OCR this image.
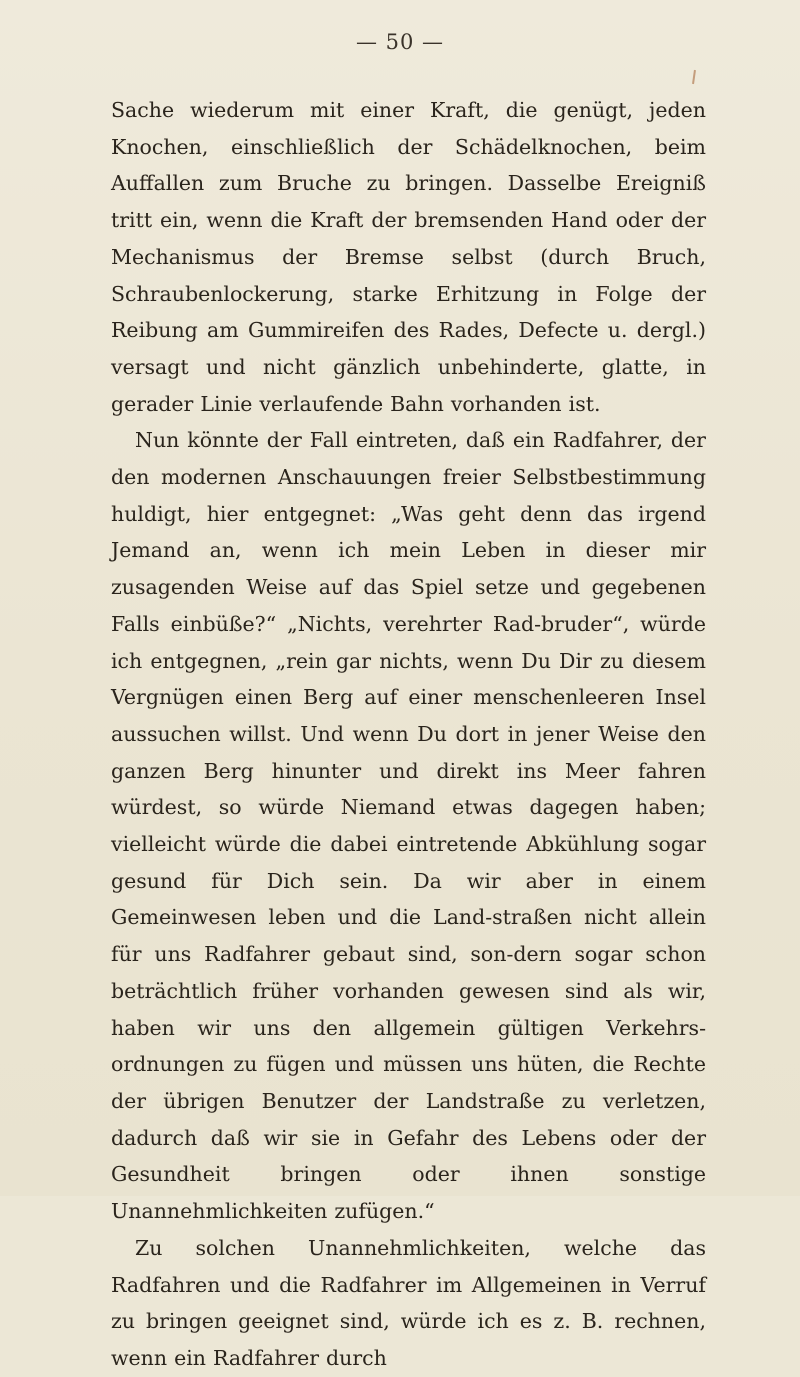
— 50 —

Sache wiederum mit einer Kraft, die genügt, jeden Knochen, einschließlich der Schädelknochen, beim Auffallen zum Bruche zu bringen. Dasselbe Ereigniß tritt ein, wenn die Kraft der bremsenden Hand oder der Mechanismus der Bremse selbst (durch Bruch, Schraubenlockerung, starke Erhitzung in Folge der Reibung am Gummireifen des Rades, Defecte u. dergl.) versagt und nicht gänzlich unbehinderte, glatte, in gerader Linie verlaufende Bahn vorhanden ist.

Nun könnte der Fall eintreten, daß ein Radfahrer, der den modernen Anschauungen freier Selbstbestimmung huldigt, hier entgegnet: „Was geht denn das irgend Jemand an, wenn ich mein Leben in dieser mir zusagenden Weise auf das Spiel setze und gegebenen Falls einbüße?“ „Nichts, verehrter Rad-bruder“, würde ich entgegnen, „rein gar nichts, wenn Du Dir zu diesem Vergnügen einen Berg auf einer menschenleeren Insel aussuchen willst. Und wenn Du dort in jener Weise den ganzen Berg hinunter und direkt ins Meer fahren würdest, so würde Niemand etwas dagegen haben; vielleicht würde die dabei eintretende Abkühlung sogar gesund für Dich sein. Da wir aber in einem Gemeinwesen leben und die Land-straßen nicht allein für uns Radfahrer gebaut sind, son-dern sogar schon beträchtlich früher vorhanden gewesen sind als wir, haben wir uns den allgemein gültigen Verkehrs-ordnungen zu fügen und müssen uns hüten, die Rechte der übrigen Benutzer der Landstraße zu verletzen, dadurch daß wir sie in Gefahr des Lebens oder der Gesundheit bringen oder ihnen sonstige Unannehmlichkeiten zufügen.“

Zu solchen Unannehmlichkeiten, welche das Radfahren und die Radfahrer im Allgemeinen in Verruf zu bringen geeignet sind, würde ich es z. B. rechnen, wenn ein Radfahrer durch
